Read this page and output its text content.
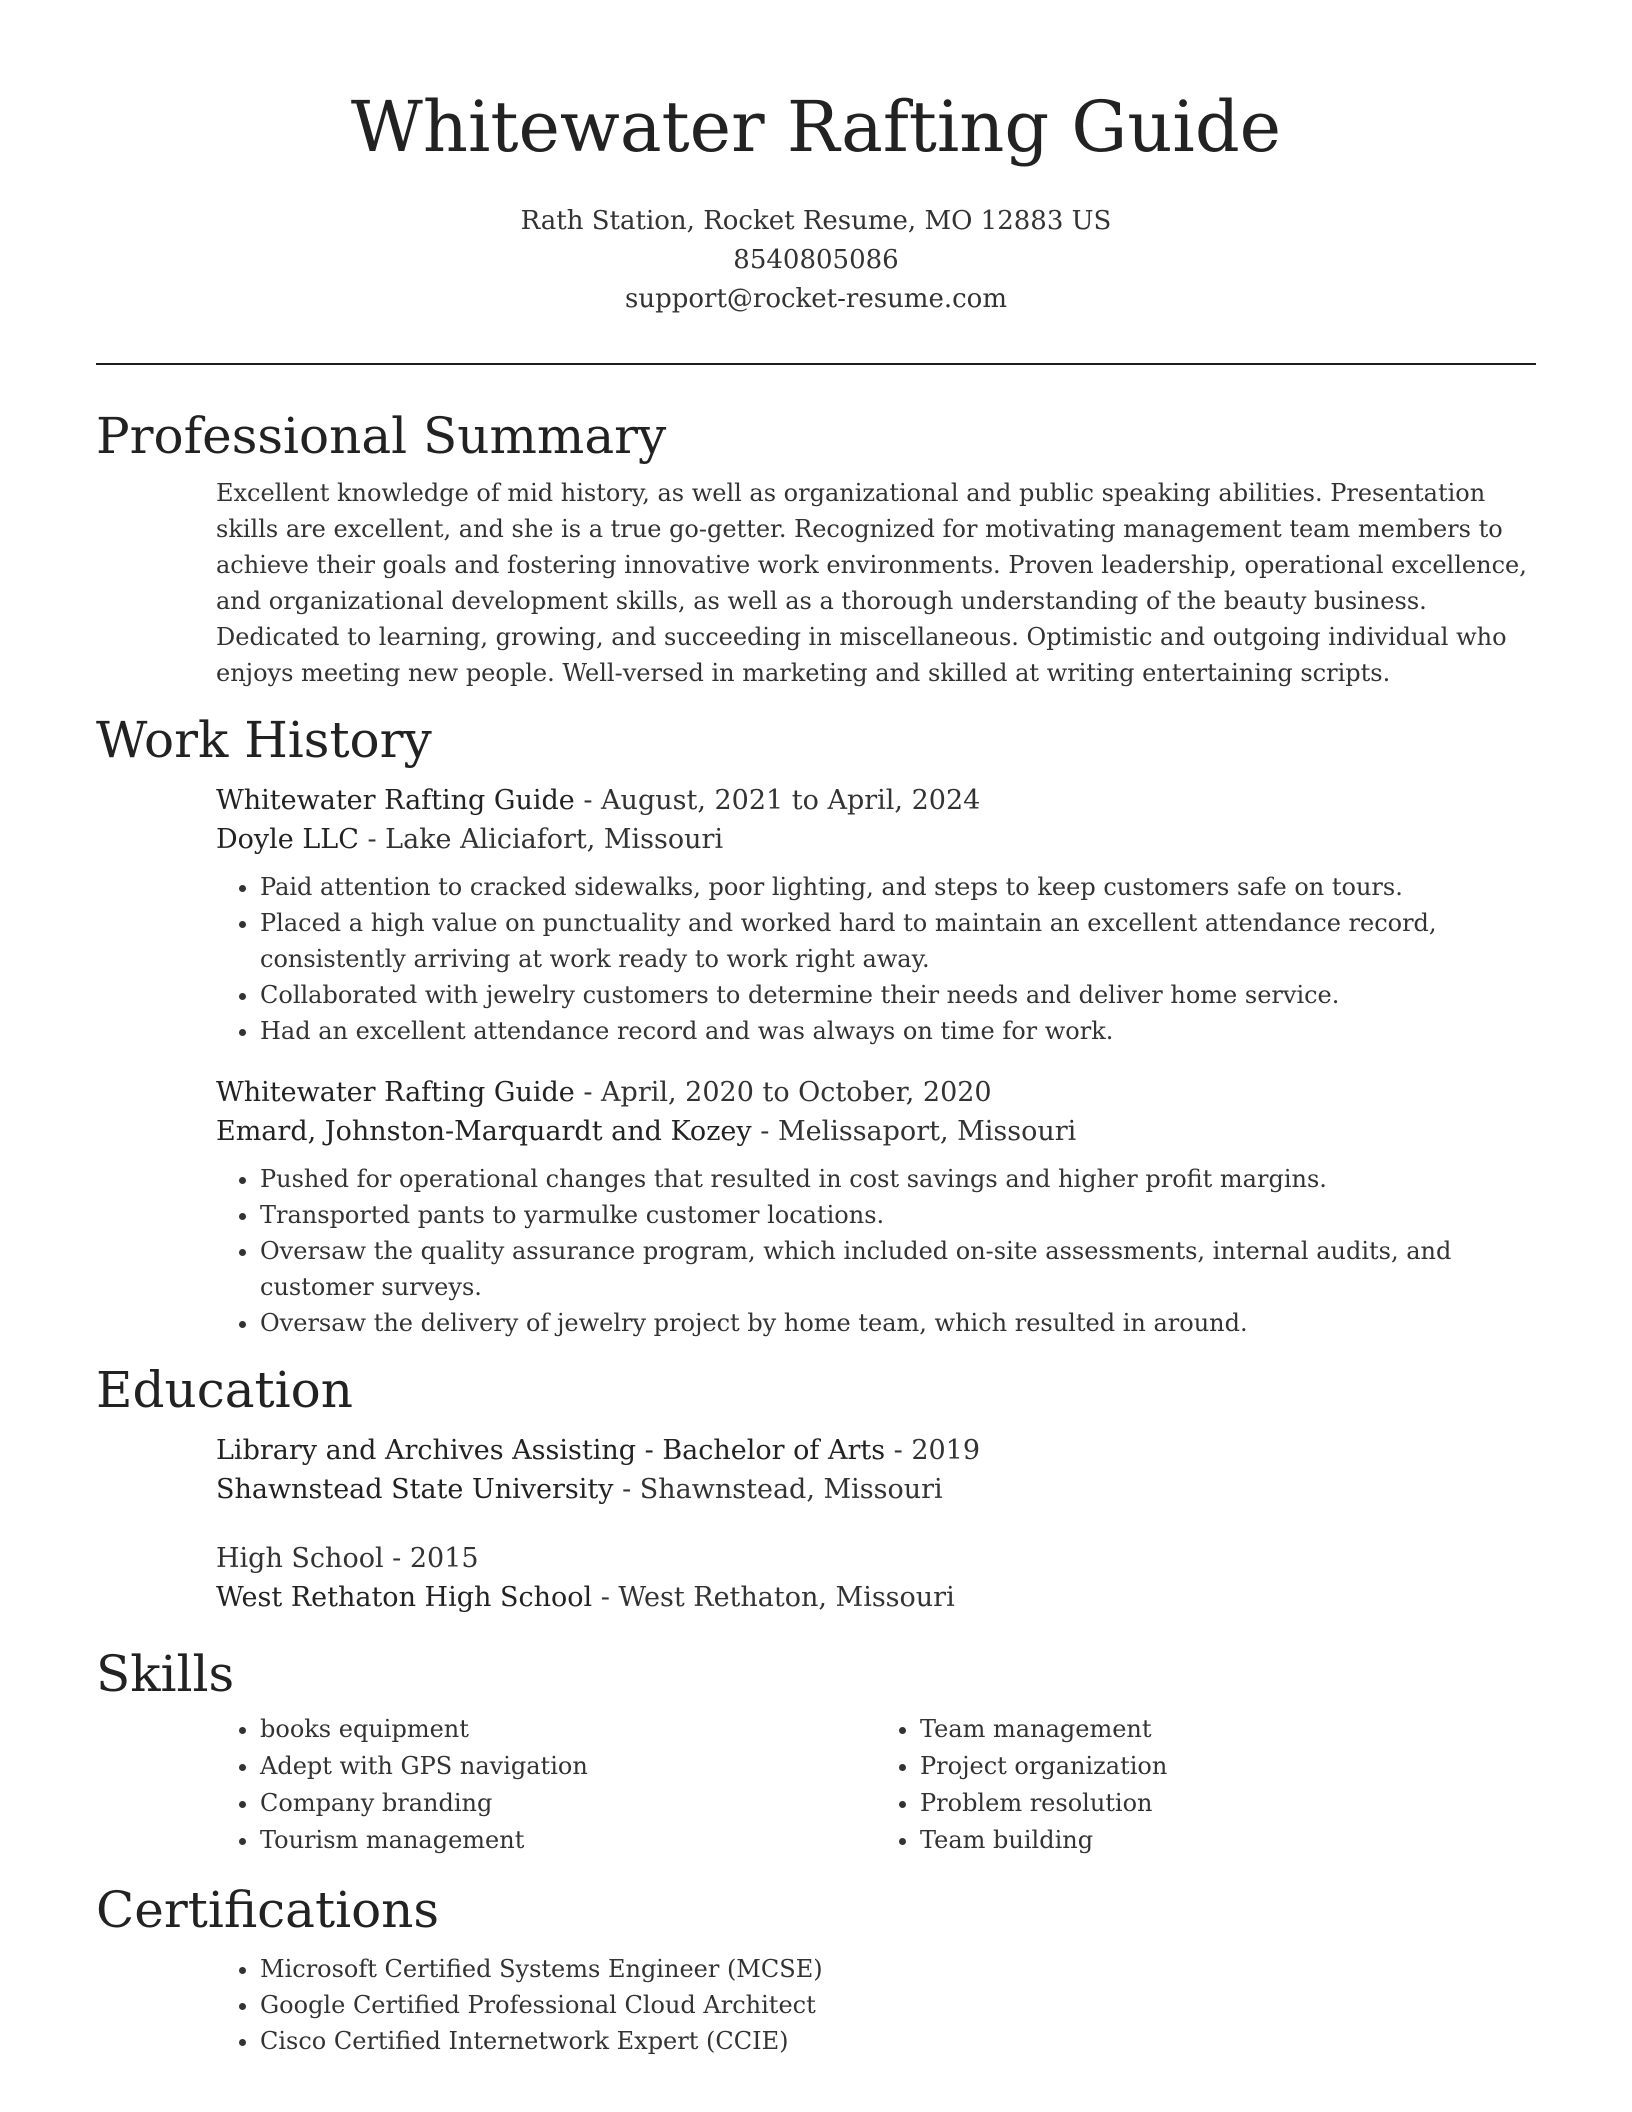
Whitewater Rafting Guide
Rath Station, Rocket Resume, MO 12883 US
8540805086
support@rocket-resume.com
Professional Summary
Excellent knowledge of mid history, as well as organizational and public speaking abilities. Presentation skills are excellent, and she is a true go-getter. Recognized for motivating management team members to achieve their goals and fostering innovative work environments. Proven leadership, operational excellence, and organizational development skills, as well as a thorough understanding of the beauty business. Dedicated to learning, growing, and succeeding in miscellaneous. Optimistic and outgoing individual who enjoys meeting new people. Well-versed in marketing and skilled at writing entertaining scripts.
Work History
Whitewater Rafting Guide - August, 2021 to April, 2024
Doyle LLC - Lake Aliciafort, Missouri
• Paid attention to cracked sidewalks, poor lighting, and steps to keep customers safe on tours.
• Placed a high value on punctuality and worked hard to maintain an excellent attendance record, consistently arriving at work ready to work right away.
• Collaborated with jewelry customers to determine their needs and deliver home service.
• Had an excellent attendance record and was always on time for work.
Whitewater Rafting Guide - April, 2020 to October, 2020
Emard, Johnston-Marquardt and Kozey - Melissaport, Missouri
• Pushed for operational changes that resulted in cost savings and higher profit margins.
• Transported pants to yarmulke customer locations.
• Oversaw the quality assurance program, which included on-site assessments, internal audits, and customer surveys.
• Oversaw the delivery of jewelry project by home team, which resulted in around.
Education
Library and Archives Assisting - Bachelor of Arts - 2019
Shawnstead State University - Shawnstead, Missouri
High School - 2015
West Rethaton High School - West Rethaton, Missouri
Skills
• books equipment
• Adept with GPS navigation
• Company branding
• Tourism management
• Team management
• Project organization
• Problem resolution
• Team building
Certifications
• Microsoft Certified Systems Engineer (MCSE)
• Google Certified Professional Cloud Architect
• Cisco Certified Internetwork Expert (CCIE)
